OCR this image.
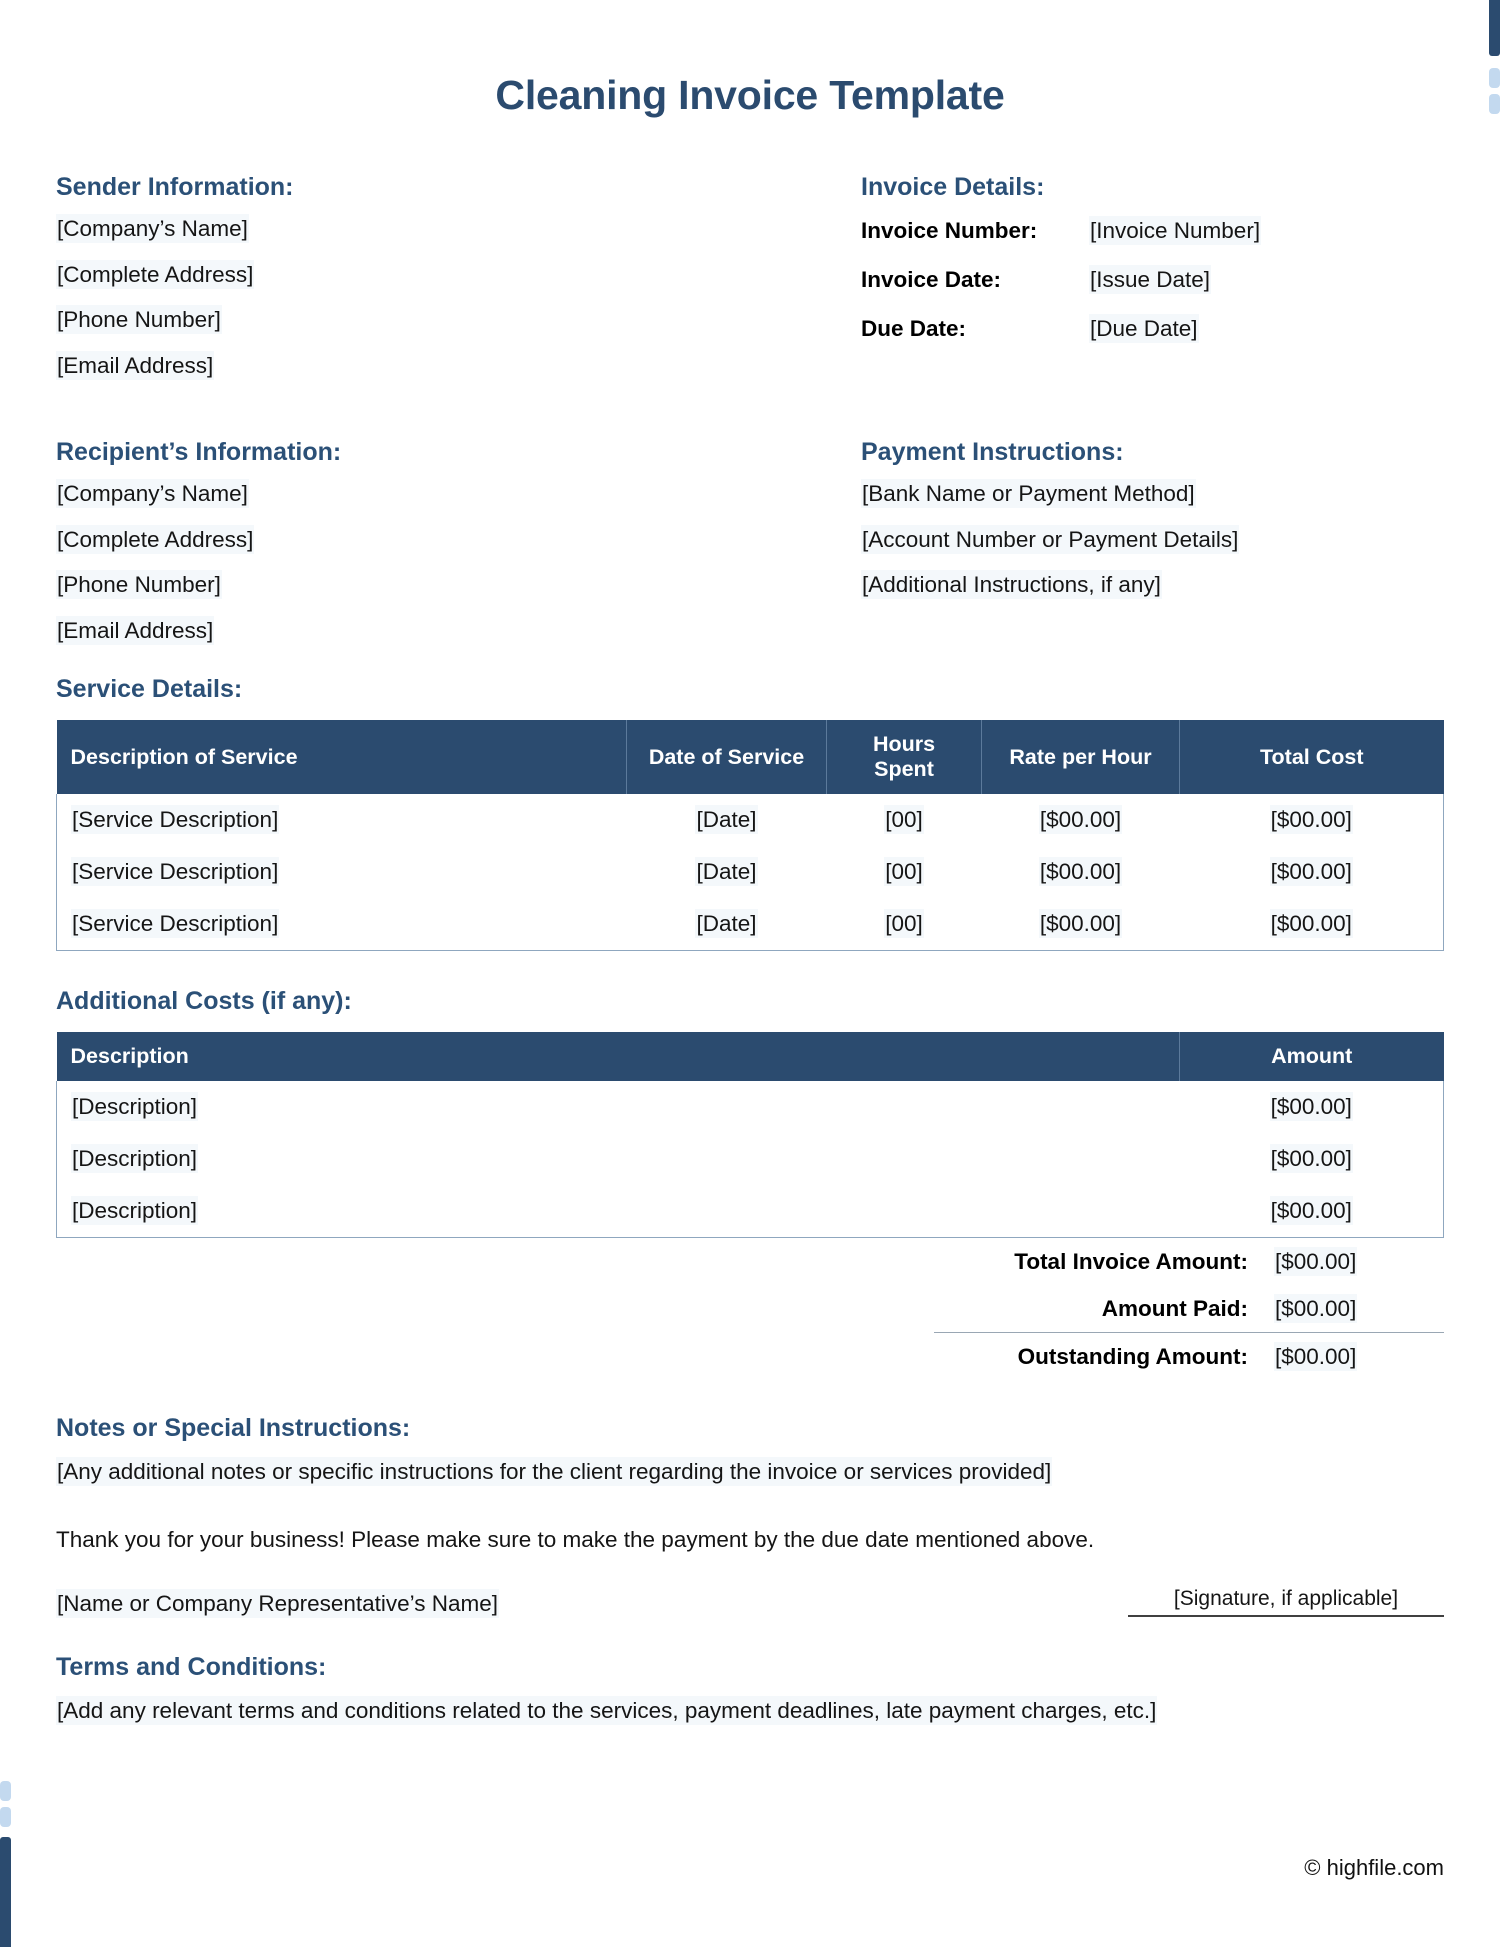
Cleaning Invoice Template
Sender Information:
[Company’s Name]
[Complete Address]
[Phone Number]
[Email Address]
Invoice Details:
Invoice Number:	[Invoice Number]
Invoice Date:	[Issue Date]
Due Date:	[Due Date]
Recipient’s Information:
[Company’s Name]
[Complete Address]
[Phone Number]
[Email Address]
Payment Instructions:
[Bank Name or Payment Method]
[Account Number or Payment Details]
[Additional Instructions, if any]
Service Details:
Description of Service	Date of Service	Hours Spent	Rate per Hour	Total Cost
[Service Description]	[Date]	[00]	[$00.00]	[$00.00]
[Service Description]	[Date]	[00]	[$00.00]	[$00.00]
[Service Description]	[Date]	[00]	[$00.00]	[$00.00]
Additional Costs (if any):
Description	Amount
[Description]	[$00.00]
[Description]	[$00.00]
[Description]	[$00.00]
Total Invoice Amount:	[$00.00]
Amount Paid:	[$00.00]
Outstanding Amount:	[$00.00]
Notes or Special Instructions:
[Any additional notes or specific instructions for the client regarding the invoice or services provided]
Thank you for your business! Please make sure to make the payment by the due date mentioned above.
[Name or Company Representative’s Name]	[Signature, if applicable]
Terms and Conditions:
[Add any relevant terms and conditions related to the services, payment deadlines, late payment charges, etc.]
© highfile.com
